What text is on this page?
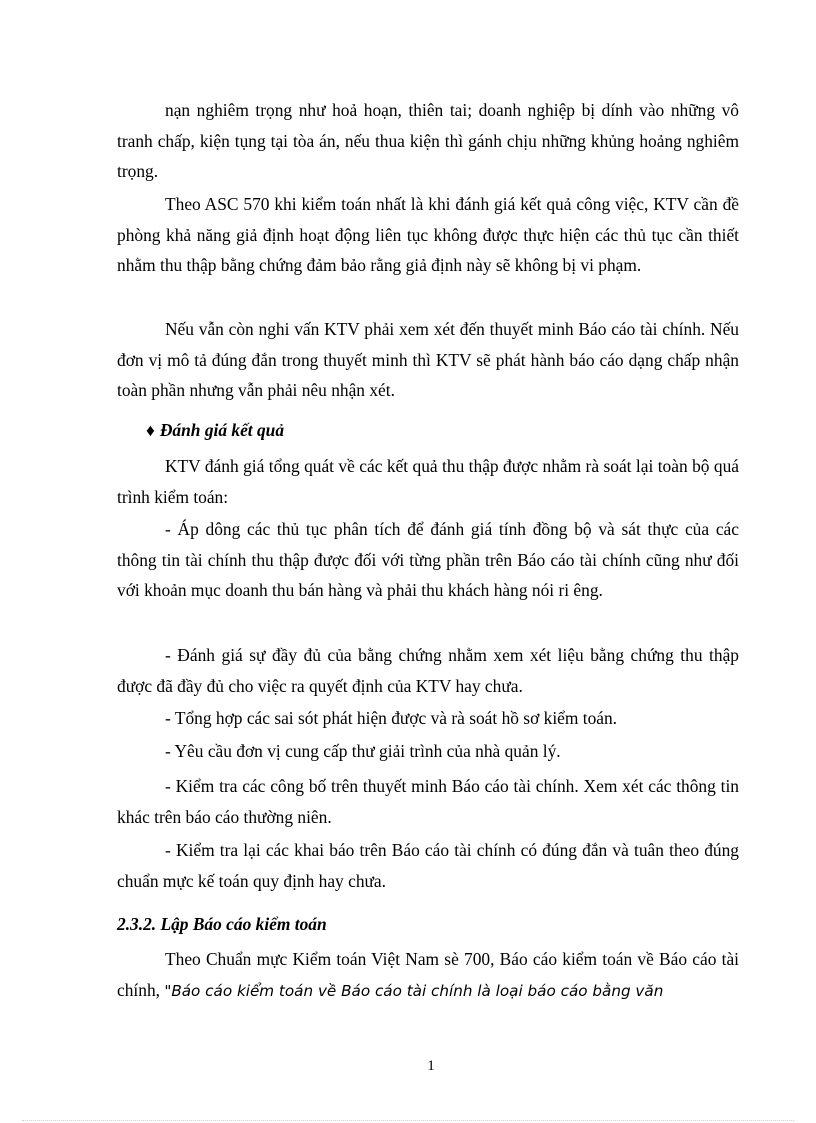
nạn nghiêm trọng như hoả hoạn, thiên tai; doanh nghiệp bị dính vào những vô tranh chấp, kiện tụng tại tòa án, nếu thua kiện thì gánh chịu những khủng hoảng nghiêm trọng.

Theo ASC 570 khi kiểm toán nhất là khi đánh giá kết quả công việc, KTV cần đề phòng khả năng giả định hoạt động liên tục không được thực hiện các thủ tục cần thiết nhằm thu thập bằng chứng đảm bảo rằng giả định này sẽ không bị vi phạm.

Nếu vẫn còn nghi vấn KTV phải xem xét đến thuyết minh Báo cáo tài chính. Nếu đơn vị mô tả đúng đắn trong thuyết minh thì KTV sẽ phát hành báo cáo dạng chấp nhận toàn phần nhưng vẫn phải nêu nhận xét.

♦ Đánh giá kết quả

KTV đánh giá tổng quát về các kết quả thu thập được nhằm rà soát lại toàn bộ quá trình kiểm toán:

- Áp dông các thủ tục phân tích để đánh giá tính đồng bộ và sát thực của các thông tin tài chính thu thập được đối với từng phần trên Báo cáo tài chính cũng như đối với khoản mục doanh thu bán hàng và phải thu khách hàng nói ri êng.

- Đánh giá sự đầy đủ của bằng chứng nhằm xem xét liệu bằng chứng thu thập được đã đầy đủ cho việc ra quyết định của KTV hay chưa.

- Tổng hợp các sai sót phát hiện được và rà soát hồ sơ kiểm toán.

- Yêu cầu đơn vị cung cấp thư giải trình của nhà quản lý.

- Kiểm tra các công bố trên thuyết minh Báo cáo tài chính. Xem xét các thông tin khác trên báo cáo thường niên.

- Kiểm tra lại các khai báo trên Báo cáo tài chính có đúng đắn và tuân theo đúng chuẩn mực kế toán quy định hay chưa.

2.3.2. Lập Báo cáo kiểm toán

Theo Chuẩn mực Kiểm toán Việt Nam sè 700, Báo cáo kiểm toán về Báo cáo tài chính, "Báo cáo kiểm toán về Báo cáo tài chính là loại báo cáo bằng văn

1
